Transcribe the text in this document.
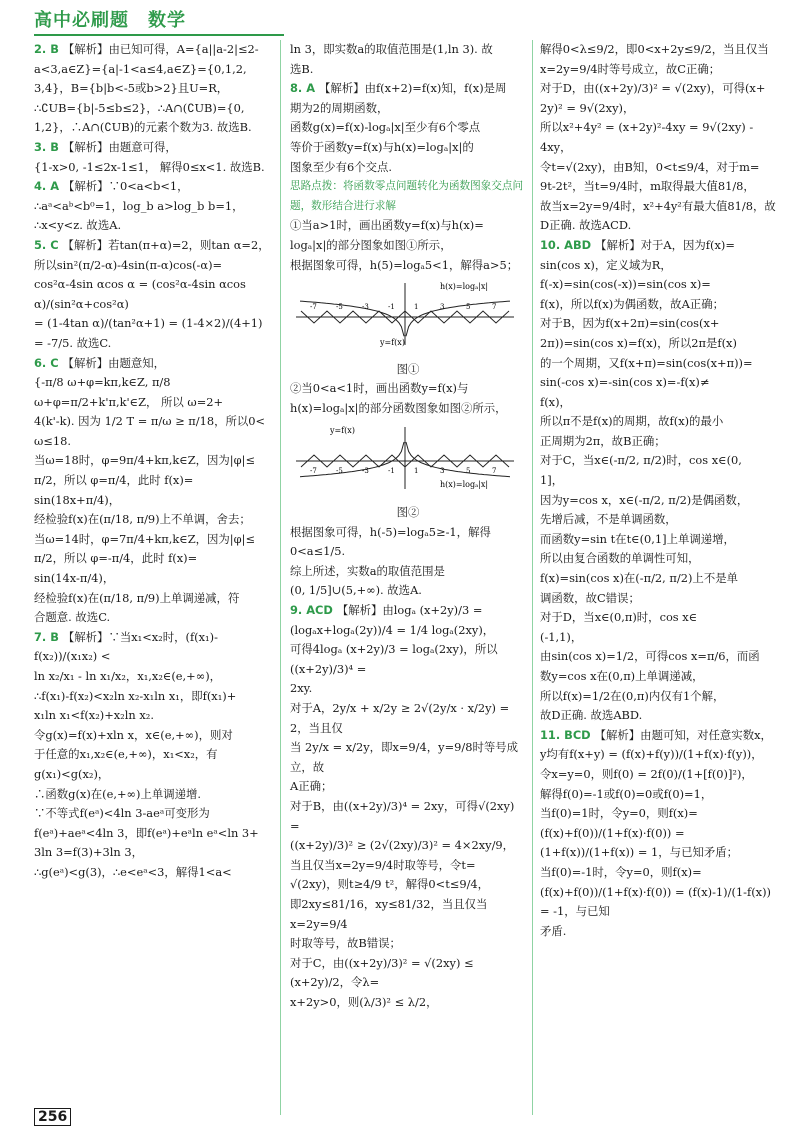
高中必刷题　数学

2. B 【解析】由已知可得，A={a||a-2|≤2-a<3,a∈Z}={a|-1<a≤4,a∈Z}={0,1,2,

3,4}，B={b|b<-5或b>2}且U=R，

∴∁UB={b|-5≤b≤2}，∴A∩(∁UB)={0,

1,2}，∴A∩(∁UB)的元素个数为3. 故选B.

3. B 【解析】由题意可得，

{1-x>0, -1≤2x-1≤1， 解得0≤x<1. 故选B.

4. A 【解析】∵0<a<b<1，

∴aᵃ<aᵇ<b⁰=1，log_b a>log_b b=1，

∴x<y<z. 故选A.

5. C 【解析】若tan(π+α)=2，则tan α=2，

所以sin²(π/2-α)-4sin(π-α)cos(-α)=

cos²α-4sin αcos α = (cos²α-4sin αcos α)/(sin²α+cos²α)

= (1-4tan α)/(tan²α+1) = (1-4×2)/(4+1) = -7/5. 故选C.

6. C 【解析】由题意知，

{-π/8 ω+φ=kπ,k∈Z, π/8 ω+φ=π/2+k'π,k'∈Z， 所以 ω=2+

4(k'-k). 因为 1/2 T = π/ω ≥ π/18，所以0<

ω≤18.

当ω=18时，φ=9π/4+kπ,k∈Z，因为|φ|≤

π/2，所以 φ=π/4，此时 f(x)=

sin(18x+π/4)，

经检验f(x)在(π/18, π/9)上不单调，舍去；

当ω=14时，φ=7π/4+kπ,k∈Z，因为|φ|≤

π/2，所以 φ=-π/4，此时 f(x)=

sin(14x-π/4)，

经检验f(x)在(π/18, π/9)上单调递减，符

合题意. 故选C.

7. B 【解析】∵当x₁<x₂时，(f(x₁)-f(x₂))/(x₁x₂) <

ln x₂/x₁ - ln x₁/x₂，x₁,x₂∈(e,+∞)，

∴f(x₁)-f(x₂)<x₂ln x₂-x₁ln x₁，即f(x₁)+

x₁ln x₁<f(x₂)+x₂ln x₂.

令g(x)=f(x)+xln x，x∈(e,+∞)，则对

于任意的x₁,x₂∈(e,+∞)，x₁<x₂，有

g(x₁)<g(x₂)，

∴函数g(x)在(e,+∞)上单调递增.

∵不等式f(eᵃ)<4ln 3-aeᵃ可变形为

f(eᵃ)+aeᵃ<4ln 3，即f(eᵃ)+eᵃln eᵃ<ln 3+

3ln 3=f(3)+3ln 3，

∴g(eᵃ)<g(3)，∴e<eᵃ<3，解得1<a<

ln 3，即实数a的取值范围是(1,ln 3). 故

选B.

8. A 【解析】由f(x+2)=f(x)知，f(x)是周

期为2的周期函数，

函数g(x)=f(x)-logₐ|x|至少有6个零点

等价于函数y=f(x)与h(x)=logₐ|x|的

图象至少有6个交点.

思路点拨：将函数零点问题转化为函数图象交点问题，数形结合进行求解

①当a>1时，画出函数y=f(x)与h(x)=

logₐ|x|的部分图象如图①所示，

根据图象可得，h(5)=logₐ5<1，解得a>5；

-7	-5	-3	-1	1	3	5	7
h(x)=logₐ|x|
y=f(x)

图①

②当0<a<1时，画出函数y=f(x)与

h(x)=logₐ|x|的部分函数图象如图②所示，

-7	-5	-3	-1	1	3	5	7
h(x)=logₐ|x|
y=f(x)

图②

根据图象可得，h(-5)=logₐ5≥-1，解得

0<a≤1/5.

综上所述，实数a的取值范围是

(0, 1/5]∪(5,+∞). 故选A.

9. ACD 【解析】由logₐ (x+2y)/3 =

(logₐx+logₐ(2y))/4 = 1/4 logₐ(2xy)，

可得4logₐ (x+2y)/3 = logₐ(2xy)，所以((x+2y)/3)⁴ =

2xy.

对于A，2y/x + x/2y ≥ 2√(2y/x · x/2y) = 2，当且仅

当 2y/x = x/2y，即x=9/4，y=9/8时等号成立，故

A正确；

对于B，由((x+2y)/3)⁴ = 2xy，可得√(2xy) =

((x+2y)/3)² ≥ (2√(2xy)/3)² = 4×2xy/9，

当且仅当x=2y=9/4时取等号，令t=

√(2xy)，则t≥4/9 t²，解得0<t≤9/4，

即2xy≤81/16，xy≤81/32，当且仅当x=2y=9/4

时取等号，故B错误；

对于C，由((x+2y)/3)² = √(2xy) ≤ (x+2y)/2，令λ=

x+2y>0，则(λ/3)² ≤ λ/2，

解得0<λ≤9/2，即0<x+2y≤9/2，当且仅当

x=2y=9/4时等号成立，故C正确；

对于D，由((x+2y)/3)² = √(2xy)，可得(x+

2y)² = 9√(2xy)，

所以x²+4y² = (x+2y)²-4xy = 9√(2xy) - 4xy，

令t=√(2xy)，由B知，0<t≤9/4，对于m=

9t-2t²，当t=9/4时，m取得最大值81/8，

故当x=2y=9/4时，x²+4y²有最大值81/8，故

D正确. 故选ACD.

10. ABD 【解析】对于A，因为f(x)=

sin(cos x)，定义域为R，

f(-x)=sin(cos(-x))=sin(cos x)=

f(x)，所以f(x)为偶函数，故A正确；

对于B，因为f(x+2π)=sin(cos(x+

2π))=sin(cos x)=f(x)，所以2π是f(x)

的一个周期，又f(x+π)=sin(cos(x+π))=

sin(-cos x)=-sin(cos x)=-f(x)≠

f(x)，

所以π不是f(x)的周期，故f(x)的最小

正周期为2π，故B正确；

对于C，当x∈(-π/2, π/2)时，cos x∈(0,

1]，

因为y=cos x，x∈(-π/2, π/2)是偶函数，

先增后减，不是单调函数，

而函数y=sin t在t∈(0,1]上单调递增，

所以由复合函数的单调性可知，

f(x)=sin(cos x)在(-π/2, π/2)上不是单

调函数，故C错误；

对于D，当x∈(0,π)时，cos x∈

(-1,1)，

由sin(cos x)=1/2，可得cos x=π/6，而函

数y=cos x在(0,π)上单调递减，

所以f(x)=1/2在(0,π)内仅有1个解，

故D正确. 故选ABD.

11. BCD 【解析】由题可知，对任意实数x，

y均有f(x+y) = (f(x)+f(y))/(1+f(x)·f(y))，

令x=y=0，则f(0) = 2f(0)/(1+[f(0)]²)，

解得f(0)=-1或f(0)=0或f(0)=1，

当f(0)=1时，令y=0，则f(x)=

(f(x)+f(0))/(1+f(x)·f(0)) = (1+f(x))/(1+f(x)) = 1，与已知矛盾；

当f(0)=-1时，令y=0，则f(x)=

(f(x)+f(0))/(1+f(x)·f(0)) = (f(x)-1)/(1-f(x)) = -1，与已知

矛盾.

256
